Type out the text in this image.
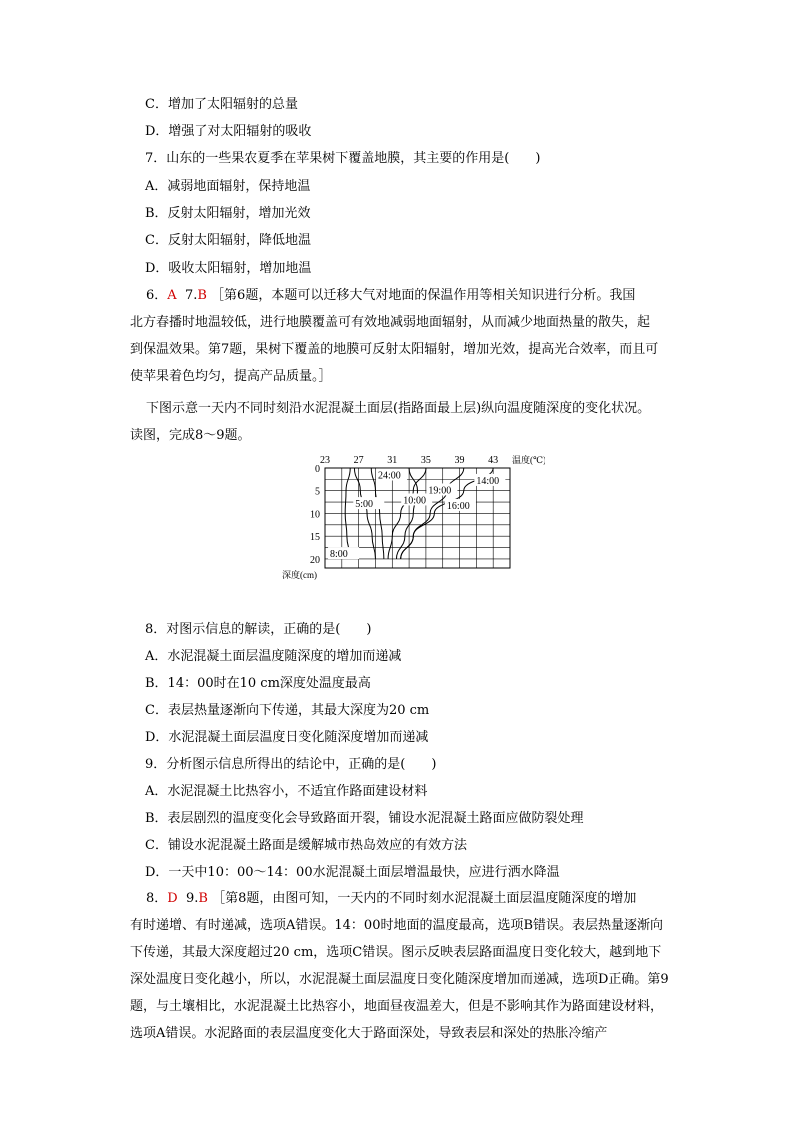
C．增加了太阳辐射的总量
D．增强了对太阳辐射的吸收
7．山东的一些果农夏季在苹果树下覆盖地膜，其主要的作用是(　　)
A．减弱地面辐射，保持地温
B．反射太阳辐射，增加光效
C．反射太阳辐射，降低地温
D．吸收太阳辐射，增加地温
6．A 7.B ［第6题，本题可以迁移大气对地面的保温作用等相关知识进行分析。我国
北方春播时地温较低，进行地膜覆盖可有效地减弱地面辐射，从而减少地面热量的散失，起到保温效果。第7题，果树下覆盖的地膜可反射太阳辐射，增加光效，提高光合效率，而且可使苹果着色均匀，提高产品质量。］
下图示意一天内不同时刻沿水泥混凝土面层(指路面最上层)纵向温度随深度的变化状况。
读图，完成8～9题。
23 27 31 35 39 43 温度(℃)
0
5
10
15
20
深度(cm)
24:00
5:00	10:00
19:00
16:00
14:00
8:00
8．对图示信息的解读，正确的是(　　)
A．水泥混凝土面层温度随深度的增加而递减
B．14：00时在10 cm深度处温度最高
C．表层热量逐渐向下传递，其最大深度为20 cm
D．水泥混凝土面层温度日变化随深度增加而递减
9．分析图示信息所得出的结论中，正确的是(　　)
A．水泥混凝土比热容小，不适宜作路面建设材料
B．表层剧烈的温度变化会导致路面开裂，铺设水泥混凝土路面应做防裂处理
C．铺设水泥混凝土路面是缓解城市热岛效应的有效方法
D．一天中10：00～14：00水泥混凝土面层增温最快，应进行洒水降温
8．D 9.B ［第8题，由图可知，一天内的不同时刻水泥混凝土面层温度随深度的增加
有时递增、有时递减，选项A错误。14：00时地面的温度最高，选项B错误。表层热量逐渐向下传递，其最大深度超过20 cm，选项C错误。图示反映表层路面温度日变化较大，越到地下深处温度日变化越小，所以，水泥混凝土面层温度日变化随深度增加而递减，选项D正确。第9题，与土壤相比，水泥混凝土比热容小，地面昼夜温差大，但是不影响其作为路面建设材料，选项A错误。水泥路面的表层温度变化大于路面深处，导致表层和深处的热胀冷缩产
